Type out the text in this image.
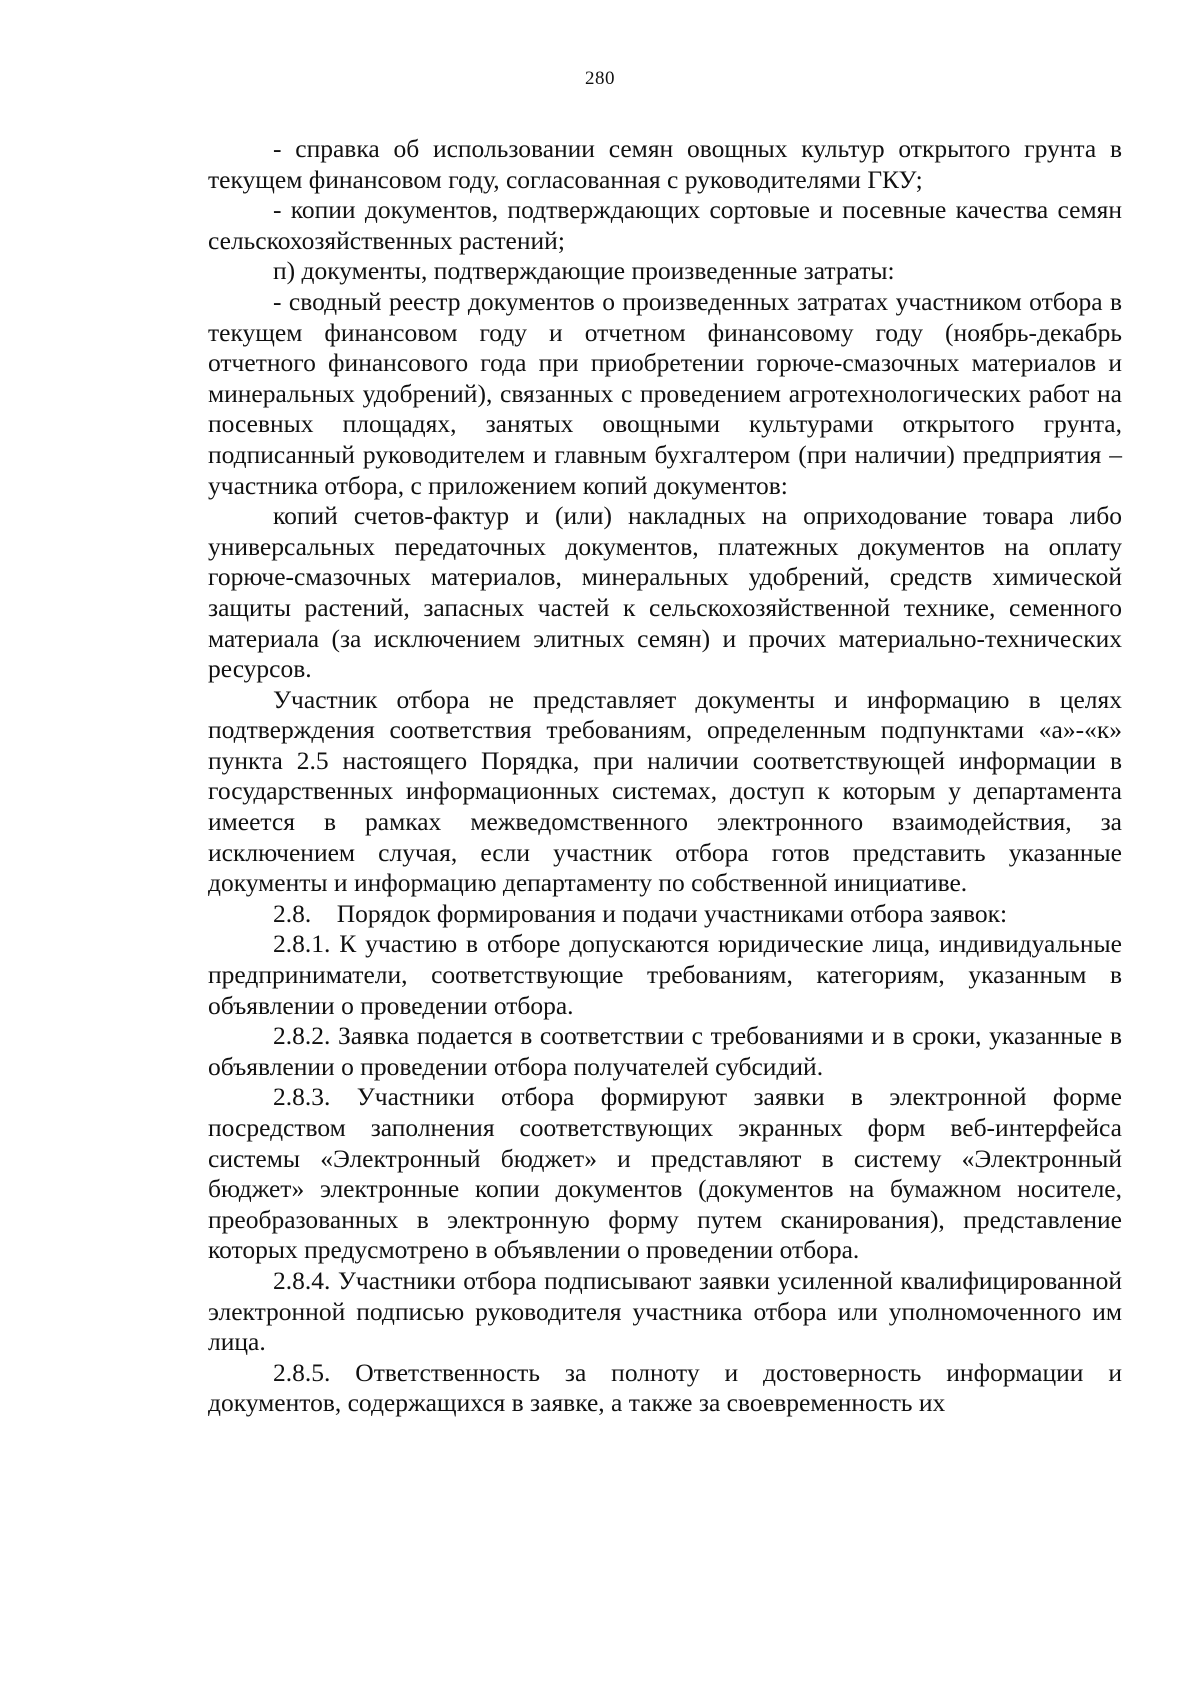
280

- справка об использовании семян овощных культур открытого грунта в текущем финансовом году, согласованная с руководителями ГКУ;

- копии документов, подтверждающих сортовые и посевные качества семян сельскохозяйственных растений;

п) документы, подтверждающие произведенные затраты:

- сводный реестр документов о произведенных затратах участником отбора в текущем финансовом году и отчетном финансовому году (ноябрь-декабрь отчетного финансового года при приобретении горюче-смазочных материалов и минеральных удобрений), связанных с проведением агротехнологических работ на посевных площадях, занятых овощными культурами открытого грунта, подписанный руководителем и главным бухгалтером (при наличии) предприятия – участника отбора, с приложением копий документов:

копий счетов-фактур и (или) накладных на оприходование товара либо универсальных передаточных документов, платежных документов на оплату горюче-смазочных материалов, минеральных удобрений, средств химической защиты растений, запасных частей к сельскохозяйственной технике, семенного материала (за исключением элитных семян) и прочих материально-технических ресурсов.

Участник отбора не представляет документы и информацию в целях подтверждения соответствия требованиям, определенным подпунктами «а»-«к» пункта 2.5 настоящего Порядка, при наличии соответствующей информации в государственных информационных системах, доступ к которым у департамента имеется в рамках межведомственного электронного взаимодействия, за исключением случая, если участник отбора готов представить указанные документы и информацию департаменту по собственной инициативе.

2.8. Порядок формирования и подачи участниками отбора заявок:

2.8.1. К участию в отборе допускаются юридические лица, индивидуальные предприниматели, соответствующие требованиям, категориям, указанным в объявлении о проведении отбора.

2.8.2. Заявка подается в соответствии с требованиями и в сроки, указанные в объявлении о проведении отбора получателей субсидий.

2.8.3. Участники отбора формируют заявки в электронной форме посредством заполнения соответствующих экранных форм веб-интерфейса системы «Электронный бюджет» и представляют в систему «Электронный бюджет» электронные копии документов (документов на бумажном носителе, преобразованных в электронную форму путем сканирования), представление которых предусмотрено в объявлении о проведении отбора.

2.8.4. Участники отбора подписывают заявки усиленной квалифицированной электронной подписью руководителя участника отбора или уполномоченного им лица.

2.8.5. Ответственность за полноту и достоверность информации и документов, содержащихся в заявке, а также за своевременность их
